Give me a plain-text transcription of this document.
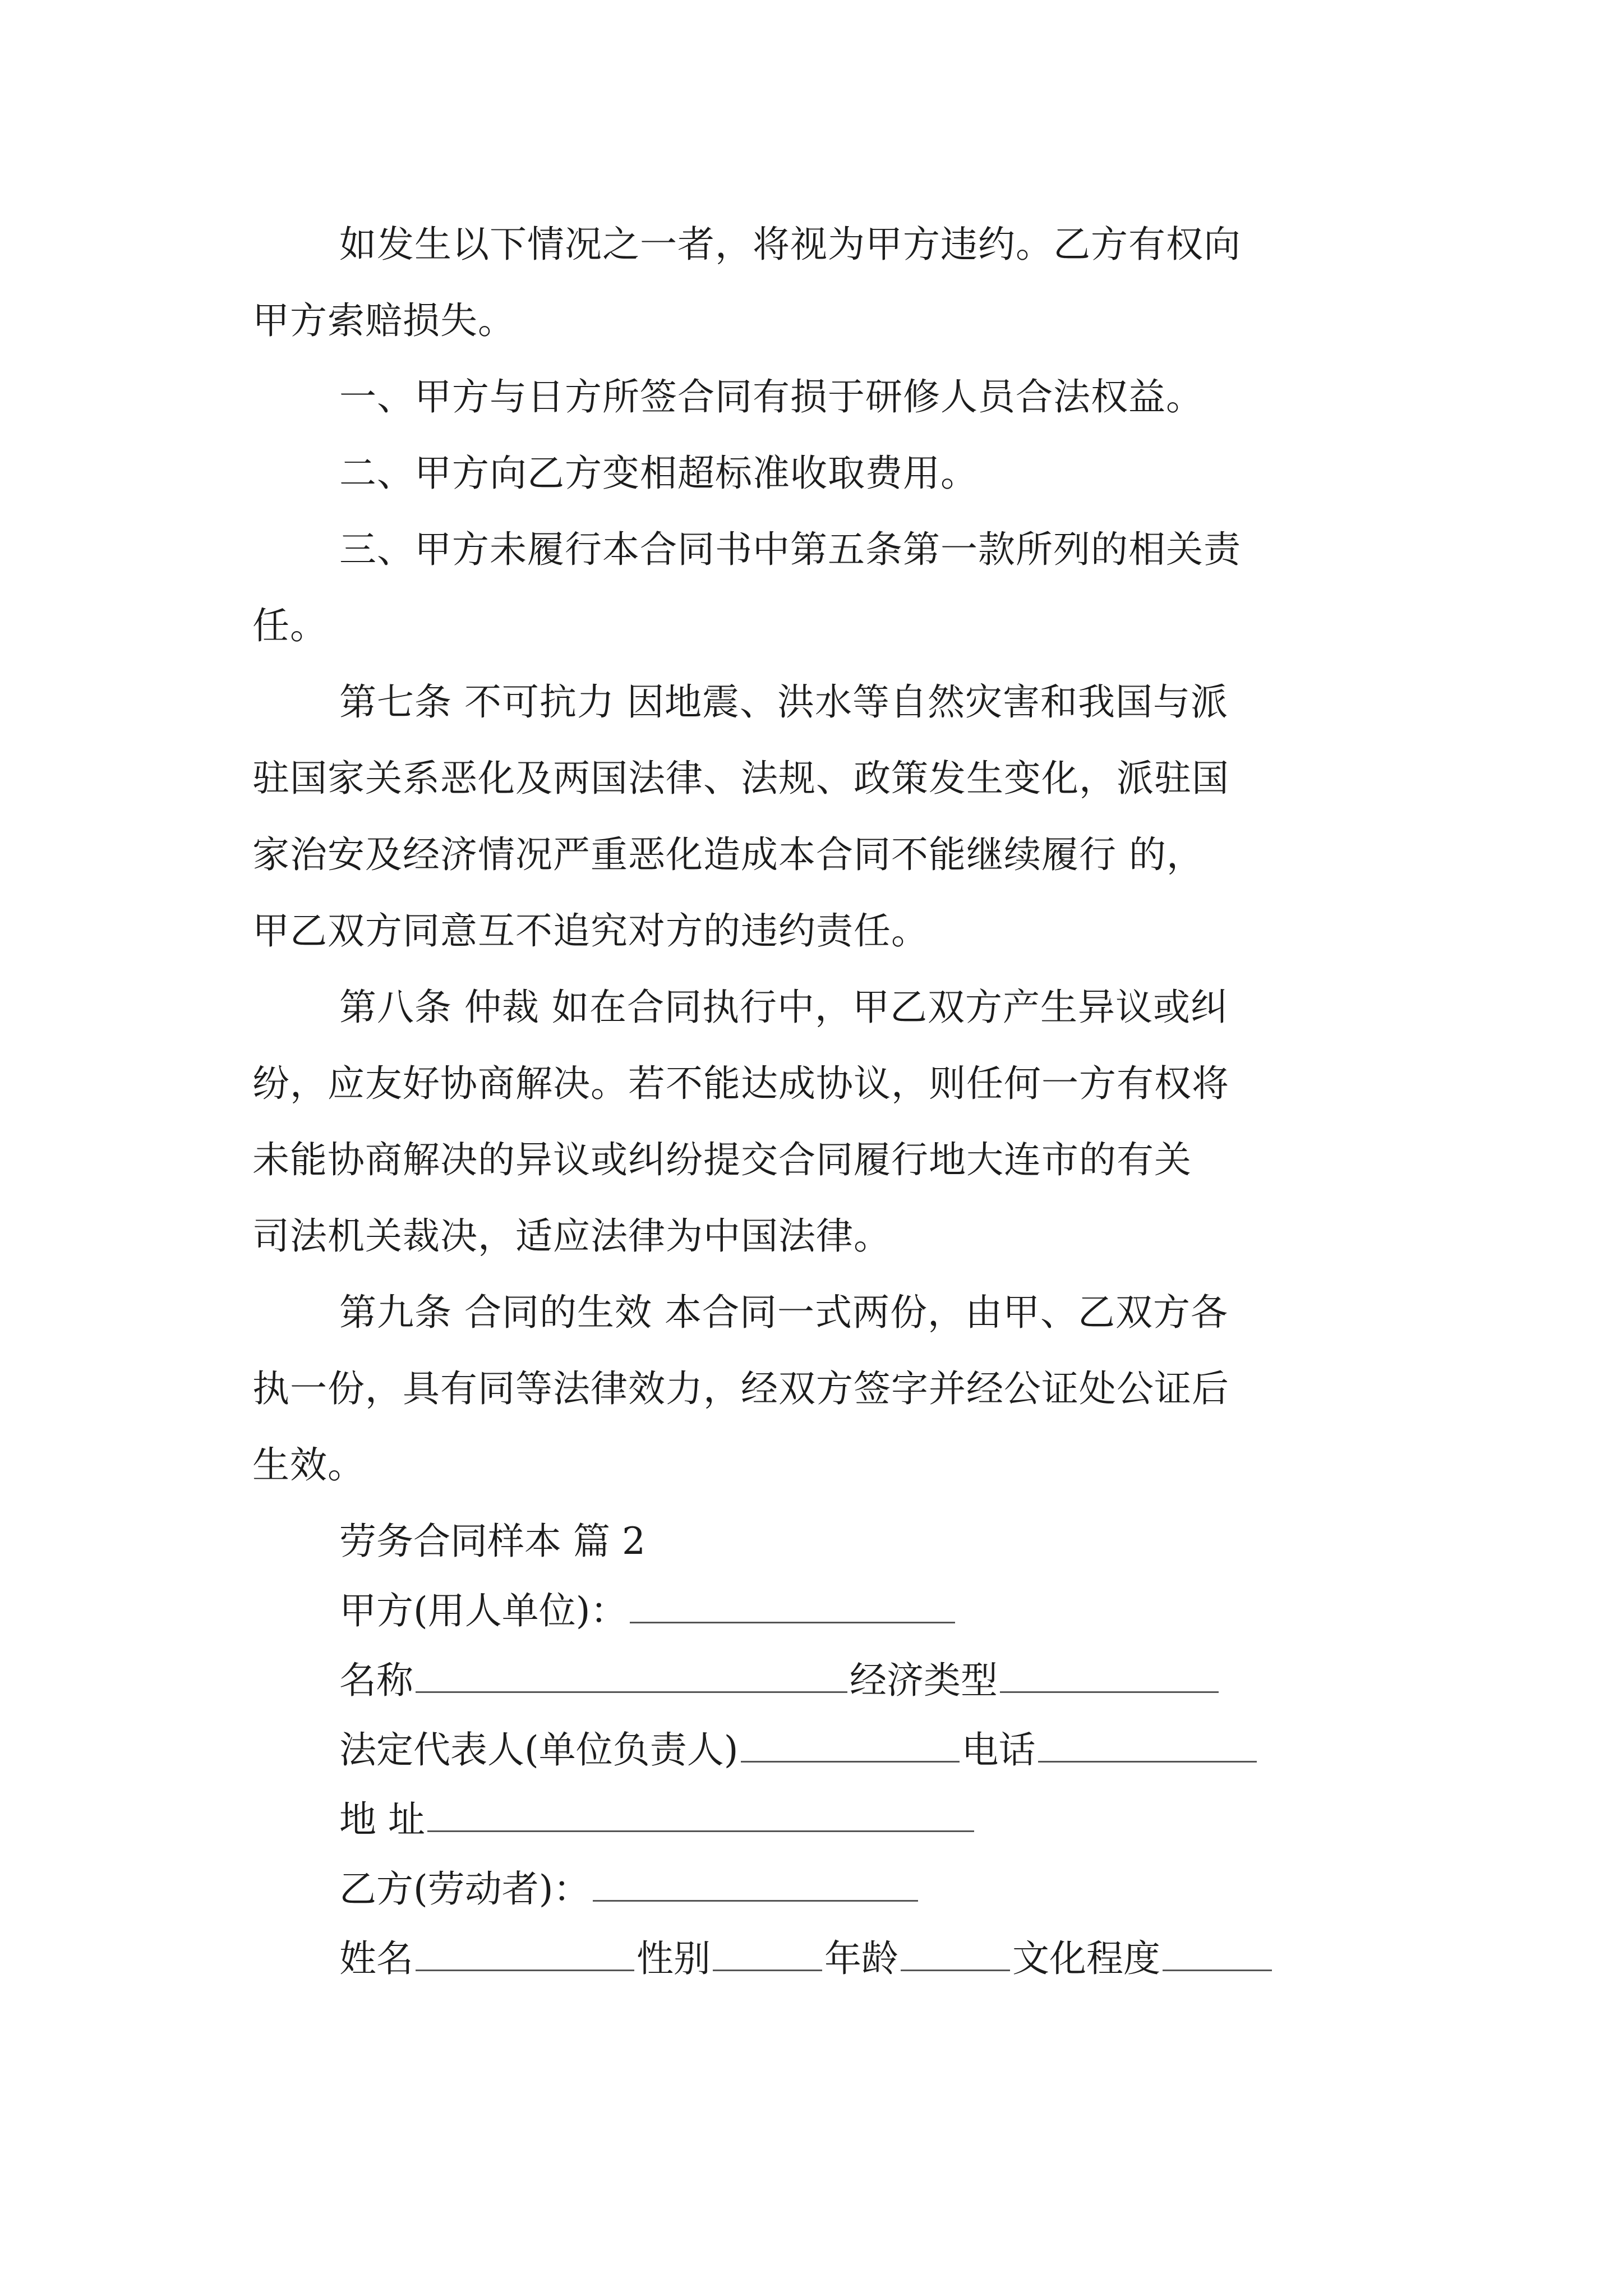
如发生以下情况之一者，将视为甲方违约。乙方有权向
甲方索赔损失。
一、甲方与日方所签合同有损于研修人员合法权益。
二、甲方向乙方变相超标准收取费用。
三、甲方未履行本合同书中第五条第一款所列的相关责
任。
第七条 不可抗力 因地震、洪水等自然灾害和我国与派
驻国家关系恶化及两国法律、法规、政策发生变化，派驻国
家治安及经济情况严重恶化造成本合同不能继续履行 的，
甲乙双方同意互不追究对方的违约责任。
第八条 仲裁 如在合同执行中，甲乙双方产生异议或纠
纷，应友好协商解决。若不能达成协议，则任何一方有权将
未能协商解决的异议或纠纷提交合同履行地大连市的有关
司法机关裁决，适应法律为中国法律。
第九条 合同的生效 本合同一式两份，由甲、乙双方各
执一份，具有同等法律效力，经双方签字并经公证处公证后
生效。
劳务合同样本 篇 2
甲方(用人单位)：
名称	经济类型
法定代表人(单位负责人)	电话
地 址
乙方(劳动者)：
姓名	性别	年龄	文化程度
